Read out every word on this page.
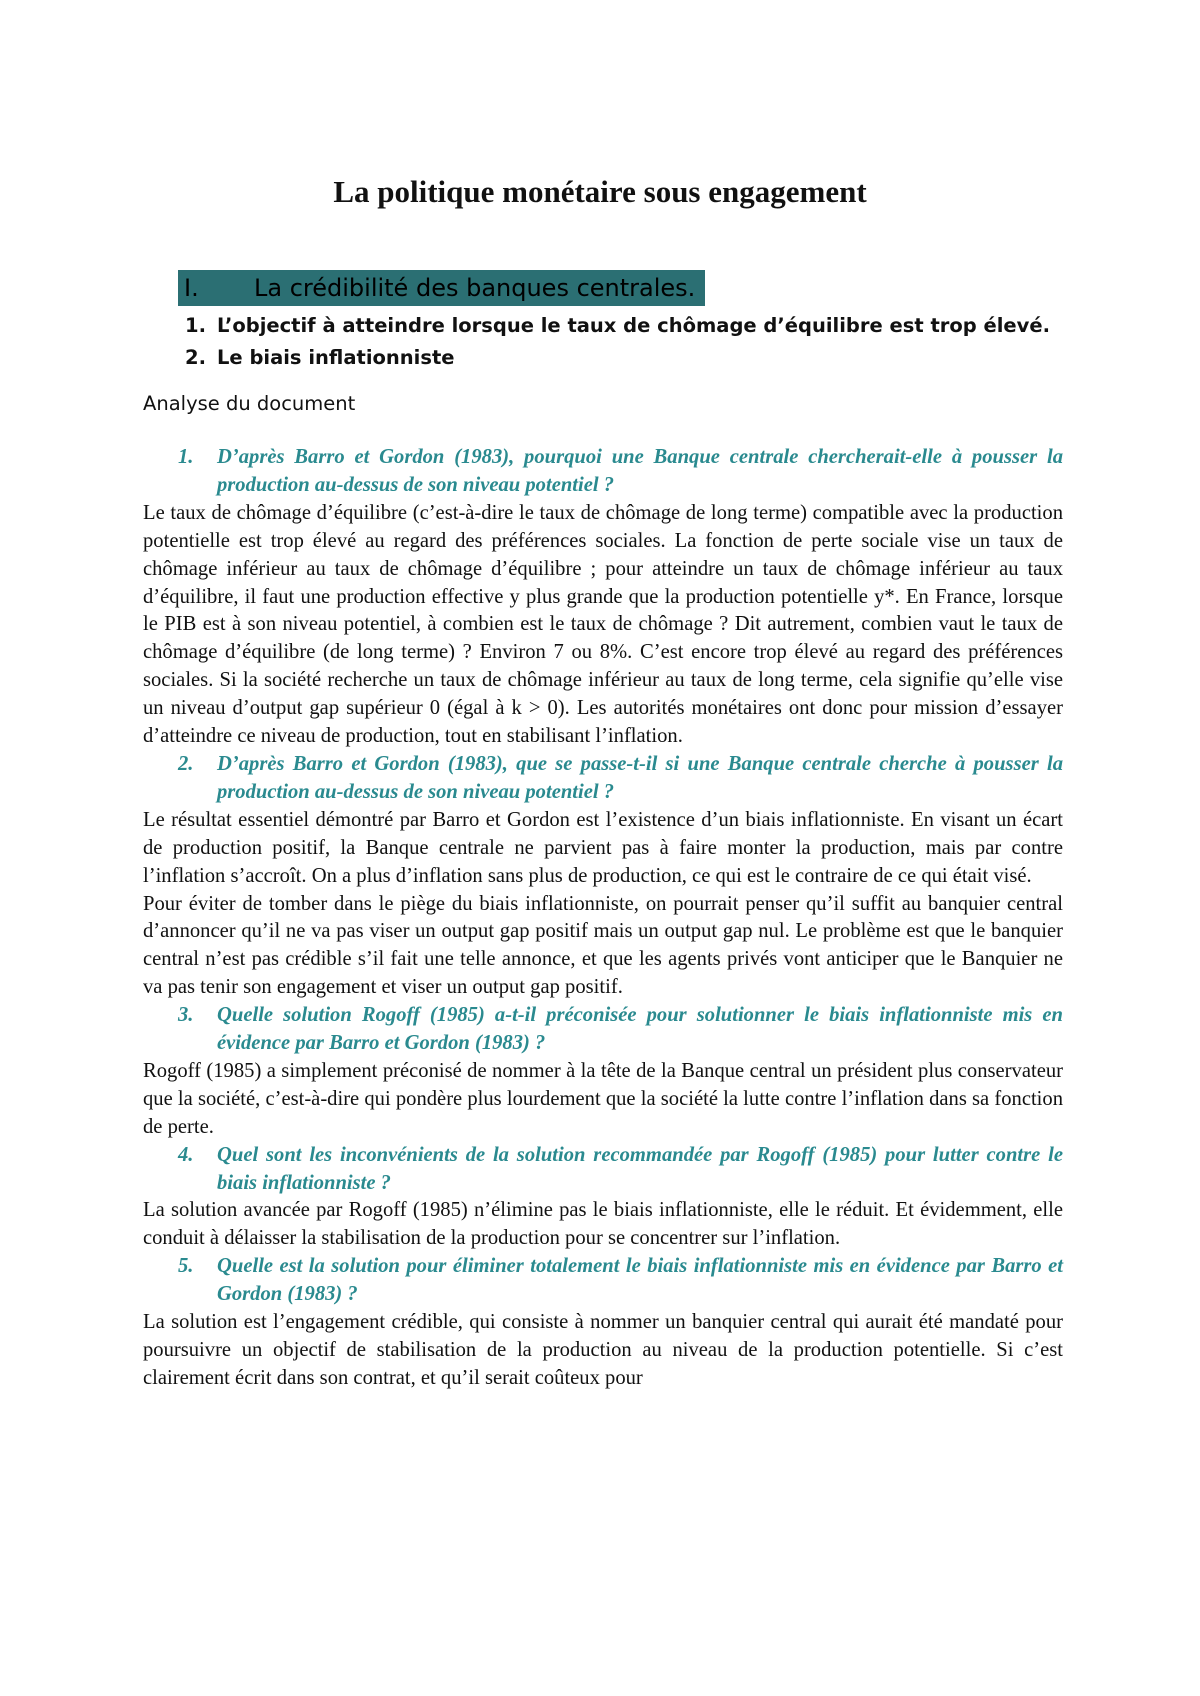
La politique monétaire sous engagement
I. La crédibilité des banques centrales.
1. L’objectif à atteindre lorsque le taux de chômage d’équilibre est trop élevé.
2. Le biais inflationniste
Analyse du document
1.	D’après Barro et Gordon (1983), pourquoi une Banque centrale chercherait-elle à pousser la production au-dessus de son niveau potentiel ?

Le taux de chômage d’équilibre (c’est-à-dire le taux de chômage de long terme) compatible avec la production potentielle est trop élevé au regard des préférences sociales. La fonction de perte sociale vise un taux de chômage inférieur au taux de chômage d’équilibre ; pour atteindre un taux de chômage inférieur au taux d’équilibre, il faut une production effective y plus grande que la production potentielle y*. En France, lorsque le PIB est à son niveau potentiel, à combien est le taux de chômage ? Dit autrement, combien vaut le taux de chômage d’équilibre (de long terme) ? Environ 7 ou 8%. C’est encore trop élevé au regard des préférences sociales. Si la société recherche un taux de chômage inférieur au taux de long terme, cela signifie qu’elle vise un niveau d’output gap supérieur 0 (égal à k > 0). Les autorités monétaires ont donc pour mission d’essayer d’atteindre ce niveau de production, tout en stabilisant l’inflation.

2.	D’après Barro et Gordon (1983), que se passe-t-il si une Banque centrale cherche à pousser la production au-dessus de son niveau potentiel ?

Le résultat essentiel démontré par Barro et Gordon est l’existence d’un biais inflationniste. En visant un écart de production positif, la Banque centrale ne parvient pas à faire monter la production, mais par contre l’inflation s’accroît. On a plus d’inflation sans plus de production, ce qui est le contraire de ce qui était visé.

Pour éviter de tomber dans le piège du biais inflationniste, on pourrait penser qu’il suffit au banquier central d’annoncer qu’il ne va pas viser un output gap positif mais un output gap nul. Le problème est que le banquier central n’est pas crédible s’il fait une telle annonce, et que les agents privés vont anticiper que le Banquier ne va pas tenir son engagement et viser un output gap positif.

3.	Quelle solution Rogoff (1985) a-t-il préconisée pour solutionner le biais inflationniste mis en évidence par Barro et Gordon (1983) ?

Rogoff (1985) a simplement préconisé de nommer à la tête de la Banque central un président plus conservateur que la société, c’est-à-dire qui pondère plus lourdement que la société la lutte contre l’inflation dans sa fonction de perte.

4.	Quel sont les inconvénients de la solution recommandée par Rogoff (1985) pour lutter contre le biais inflationniste ?

La solution avancée par Rogoff (1985) n’élimine pas le biais inflationniste, elle le réduit. Et évidemment, elle conduit à délaisser la stabilisation de la production pour se concentrer sur l’inflation.

5.	Quelle est la solution pour éliminer totalement le biais inflationniste mis en évidence par Barro et Gordon (1983) ?

La solution est l’engagement crédible, qui consiste à nommer un banquier central qui aurait été mandaté pour poursuivre un objectif de stabilisation de la production au niveau de la production potentielle. Si c’est clairement écrit dans son contrat, et qu’il serait coûteux pour
